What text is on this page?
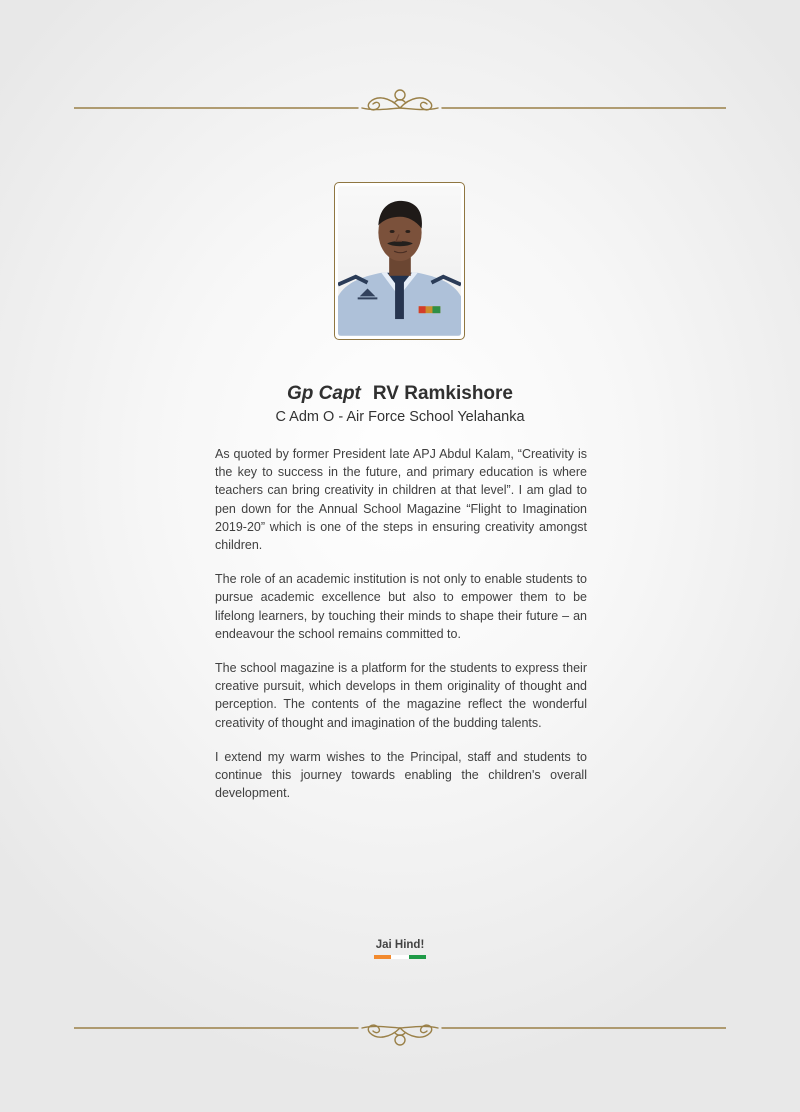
Gp Capt RV Ramkishore
C Adm O - Air Force School Yelahanka

As quoted by former President late APJ Abdul Kalam, “Creativity is the key to success in the future, and primary education is where teachers can bring creativity in children at that level”. I am glad to pen down for the Annual School Magazine “Flight to Imagination 2019-20” which is one of the steps in ensuring creativity amongst children.

The role of an academic institution is not only to enable students to pursue academic excellence but also to empower them to be lifelong learners, by touching their minds to shape their future – an endeavour the school remains committed to.

The school magazine is a platform for the students to express their creative pursuit, which develops in them originality of thought and perception. The contents of the magazine reflect the wonderful creativity of thought and imagination of the budding talents.

I extend my warm wishes to the Principal, staff and students to continue this journey towards enabling the children's overall development.

Jai Hind!
